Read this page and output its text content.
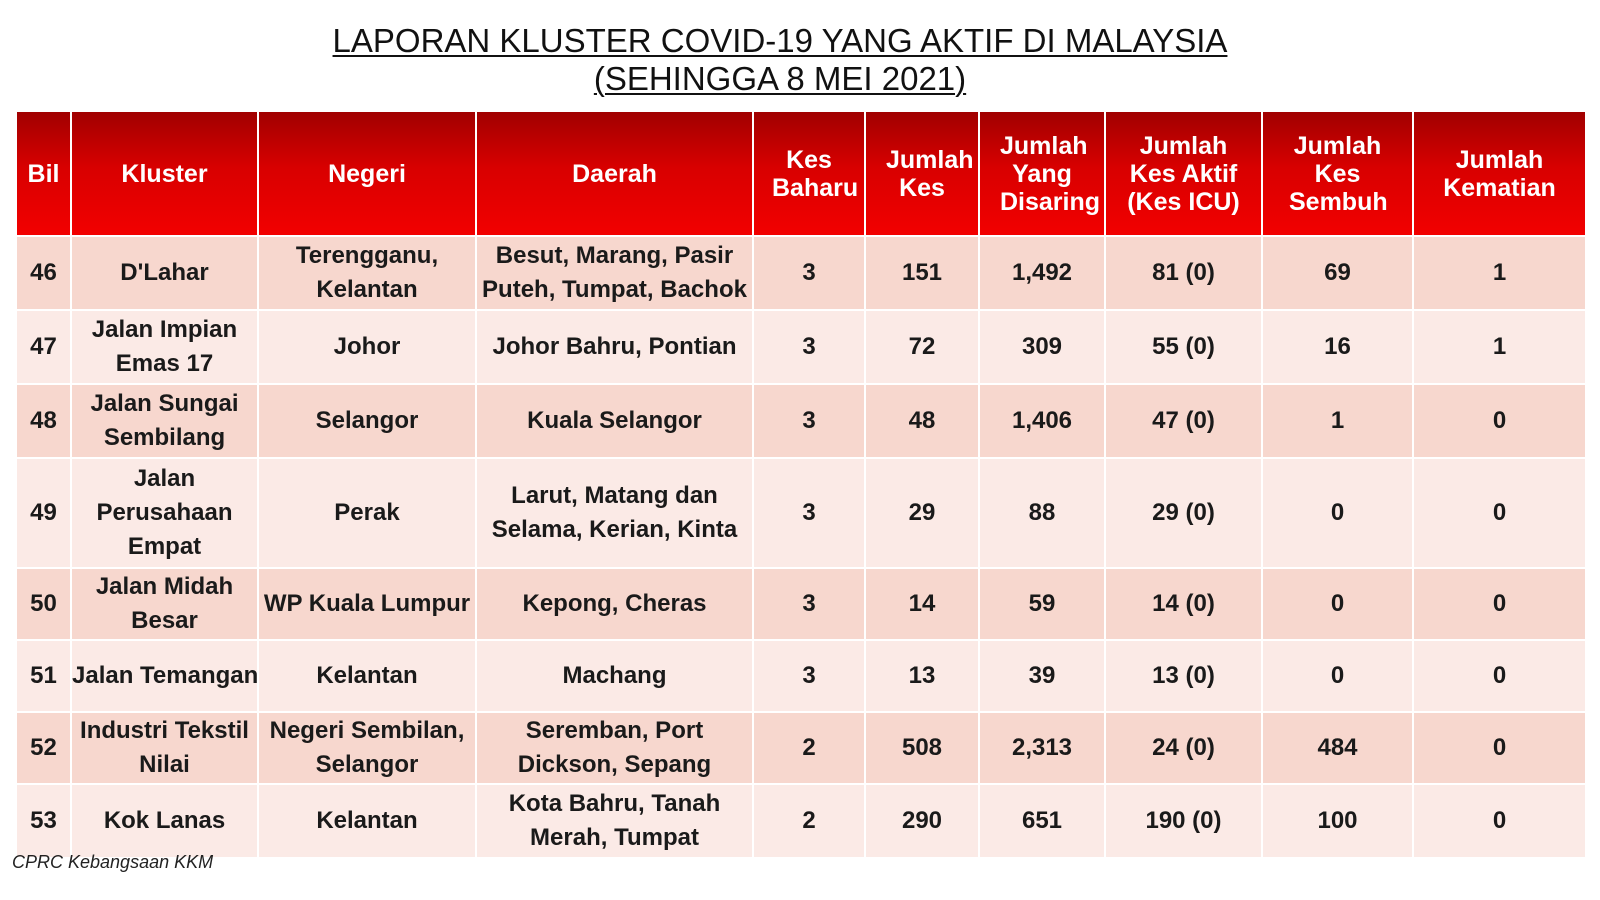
LAPORAN KLUSTER COVID-19 YANG AKTIF DI MALAYSIA
(SEHINGGA 8 MEI 2021)
Bil	Kluster	Negeri	Daerah	Kes Baharu	Jumlah Kes	Jumlah Yang Disaring	Jumlah Kes Aktif (Kes ICU)	Jumlah Kes Sembuh	Jumlah Kematian
46	D'Lahar	Terengganu, Kelantan	Besut, Marang, Pasir Puteh, Tumpat, Bachok	3	151	1,492	81 (0)	69	1
47	Jalan Impian Emas 17	Johor	Johor Bahru, Pontian	3	72	309	55 (0)	16	1
48	Jalan Sungai Sembilang	Selangor	Kuala Selangor	3	48	1,406	47 (0)	1	0
49	Jalan Perusahaan Empat	Perak	Larut, Matang dan Selama, Kerian, Kinta	3	29	88	29 (0)	0	0
50	Jalan Midah Besar	WP Kuala Lumpur	Kepong, Cheras	3	14	59	14 (0)	0	0
51	Jalan Temangan	Kelantan	Machang	3	13	39	13 (0)	0	0
52	Industri Tekstil Nilai	Negeri Sembilan, Selangor	Seremban, Port Dickson, Sepang	2	508	2,313	24 (0)	484	0
53	Kok Lanas	Kelantan	Kota Bahru, Tanah Merah, Tumpat	2	290	651	190 (0)	100	0
CPRC Kebangsaan KKM
